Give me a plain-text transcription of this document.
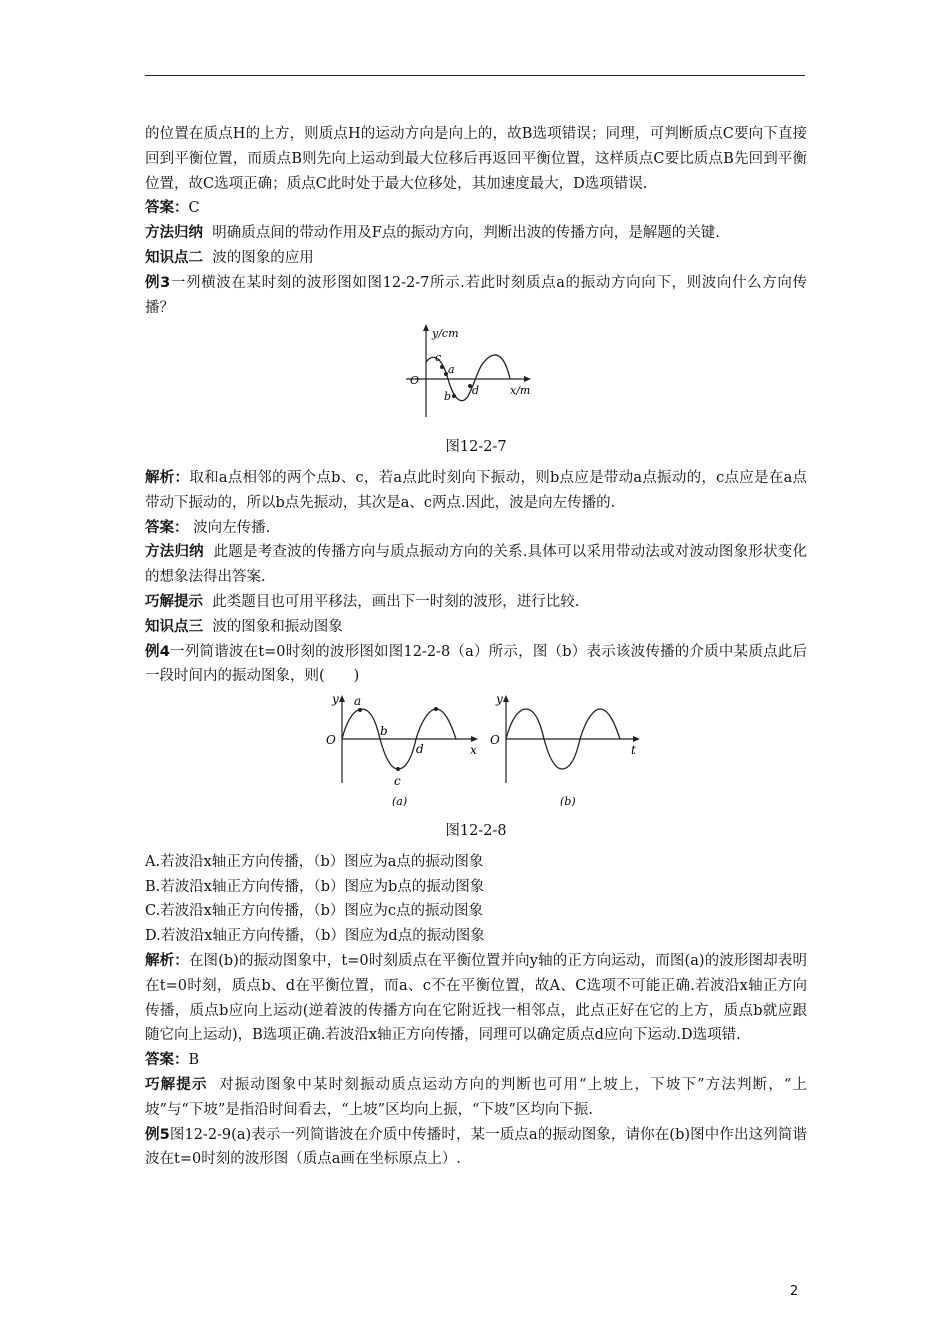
的位置在质点H的上方，则质点H的运动方向是向上的，故B选项错误；同理，可判断质点C要向下直接回到平衡位置，而质点B则先向上运动到最大位移后再返回平衡位置，这样质点C要比质点B先回到平衡位置，故C选项正确；质点C此时处于最大位移处，其加速度最大，D选项错误.

答案：C

方法归纳 明确质点间的带动作用及F点的振动方向，判断出波的传播方向，是解题的关键.

知识点二 波的图象的应用

例3一列横波在某时刻的波形图如图12-2-7所示.若此时刻质点a的振动方向向下，则波向什么方向传播？

y/cm
O
x/m
c
a
b d

图12-2-7

解析：取和a点相邻的两个点b、c，若a点此时刻向下振动，则b点应是带动a点振动的，c点应是在a点带动下振动的，所以b点先振动，其次是a、c两点.因此，波是向左传播的.

答案： 波向左传播.

方法归纳 此题是考查波的传播方向与质点振动方向的关系.具体可以采用带动法或对波动图象形状变化的想象法得出答案.

巧解提示 此类题目也可用平移法，画出下一时刻的波形，进行比较.

知识点三 波的图象和振动图象

例4一列简谐波在t=0时刻的波形图如图12-2-8（a）所示，图（b）表示该波传播的介质中某质点此后一段时间内的振动图象，则(　　)

y
O
x
a
b
c
d
(a)
y
O
t
(b)

图12-2-8

A.若波沿x轴正方向传播，（b）图应为a点的振动图象

B.若波沿x轴正方向传播，（b）图应为b点的振动图象

C.若波沿x轴正方向传播，（b）图应为c点的振动图象

D.若波沿x轴正方向传播，（b）图应为d点的振动图象

解析：在图(b)的振动图象中，t=0时刻质点在平衡位置并向y轴的正方向运动，而图(a)的波形图却表明在t=0时刻，质点b、d在平衡位置，而a、c不在平衡位置，故A、C选项不可能正确.若波沿x轴正方向传播，质点b应向上运动(逆着波的传播方向在它附近找一相邻点，此点正好在它的上方，质点b就应跟随它向上运动)，B选项正确.若波沿x轴正方向传播，同理可以确定质点d应向下运动.D选项错.

答案：B

巧解提示 对振动图象中某时刻振动质点运动方向的判断也可用“上坡上，下坡下”方法判断，“上坡”与“下坡”是指沿时间看去，“上坡”区均向上振，“下坡”区均向下振.

例5图12-2-9(a)表示一列简谐波在介质中传播时，某一质点a的振动图象，请你在(b)图中作出这列简谐波在t=0时刻的波形图（质点a画在坐标原点上）.

2
